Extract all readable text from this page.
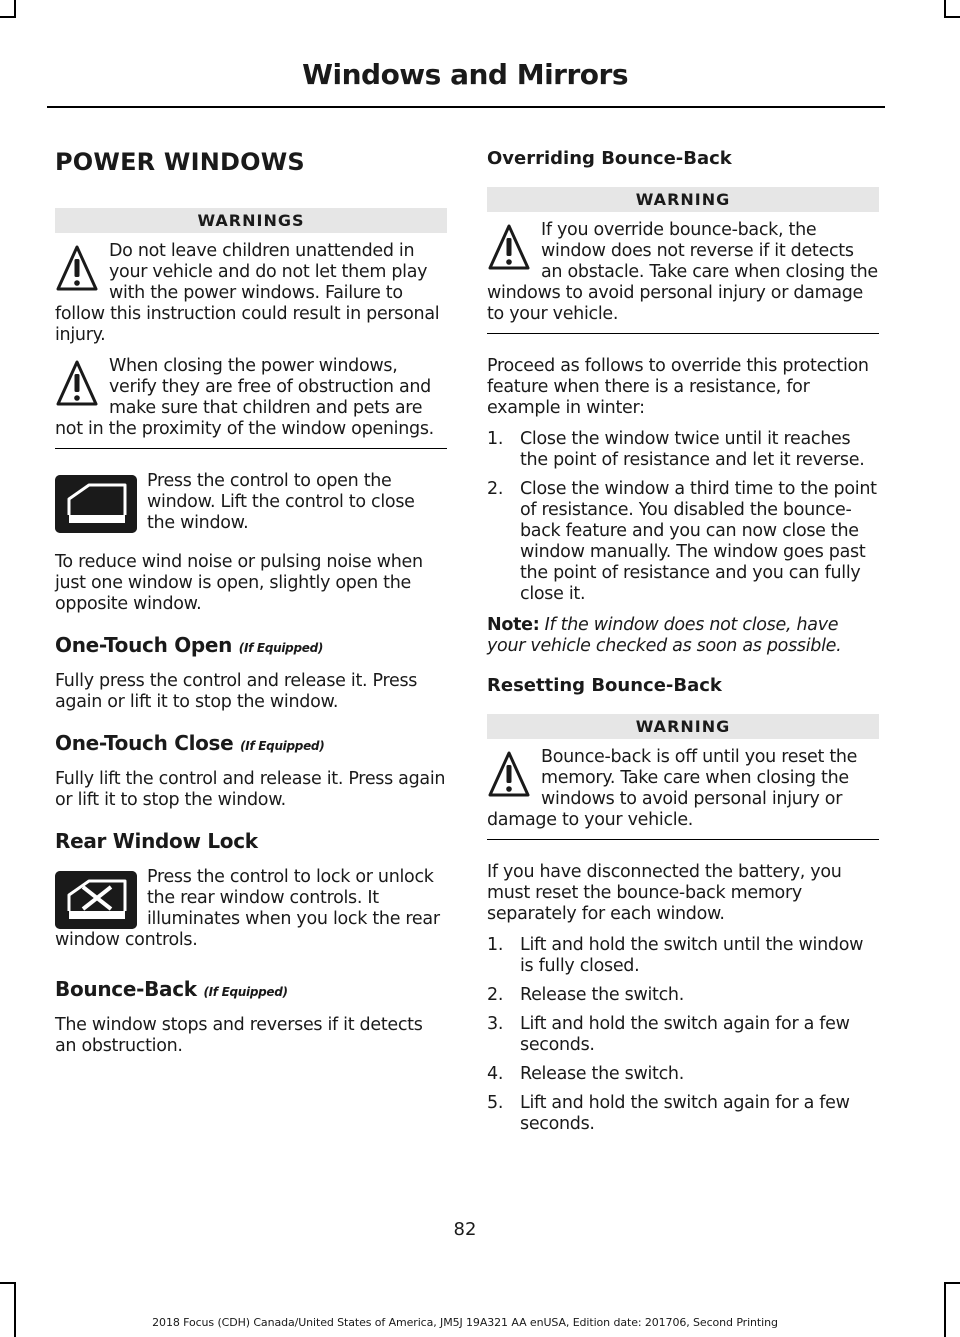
Windows and Mirrors
POWER WINDOWS
WARNINGS
Do not leave children unattended in your vehicle and do not let them play with the power windows. Failure to follow this instruction could result in personal injury.
When closing the power windows, verify they are free of obstruction and make sure that children and pets are not in the proximity of the window openings.

Press the control to open the window. Lift the control to close the window.

To reduce wind noise or pulsing noise when just one window is open, slightly open the opposite window.

One-Touch Open (If Equipped)

Fully press the control and release it. Press again or lift it to stop the window.

One-Touch Close (If Equipped)

Fully lift the control and release it. Press again or lift it to stop the window.

Rear Window Lock

Press the control to lock or unlock the rear window controls. It illuminates when you lock the rear window controls.

Bounce-Back (If Equipped)

The window stops and reverses if it detects an obstruction.

Overriding Bounce-Back
WARNING
If you override bounce-back, the window does not reverse if it detects an obstacle. Take care when closing the windows to avoid personal injury or damage to your vehicle.

Proceed as follows to override this protection feature when there is a resistance, for example in winter:

1. Close the window twice until it reaches the point of resistance and let it reverse.
2. Close the window a third time to the point of resistance. You disabled the bounce-back feature and you can now close the window manually. The window goes past the point of resistance and you can fully close it.

Note: If the window does not close, have your vehicle checked as soon as possible.

Resetting Bounce-Back
WARNING
Bounce-back is off until you reset the memory. Take care when closing the windows to avoid personal injury or damage to your vehicle.

If you have disconnected the battery, you must reset the bounce-back memory separately for each window.

1. Lift and hold the switch until the window is fully closed.
2. Release the switch.
3. Lift and hold the switch again for a few seconds.
4. Release the switch.
5. Lift and hold the switch again for a few seconds.
82
2018 Focus (CDH) Canada/United States of America, JM5J 19A321 AA enUSA, Edition date: 201706, Second Printing
